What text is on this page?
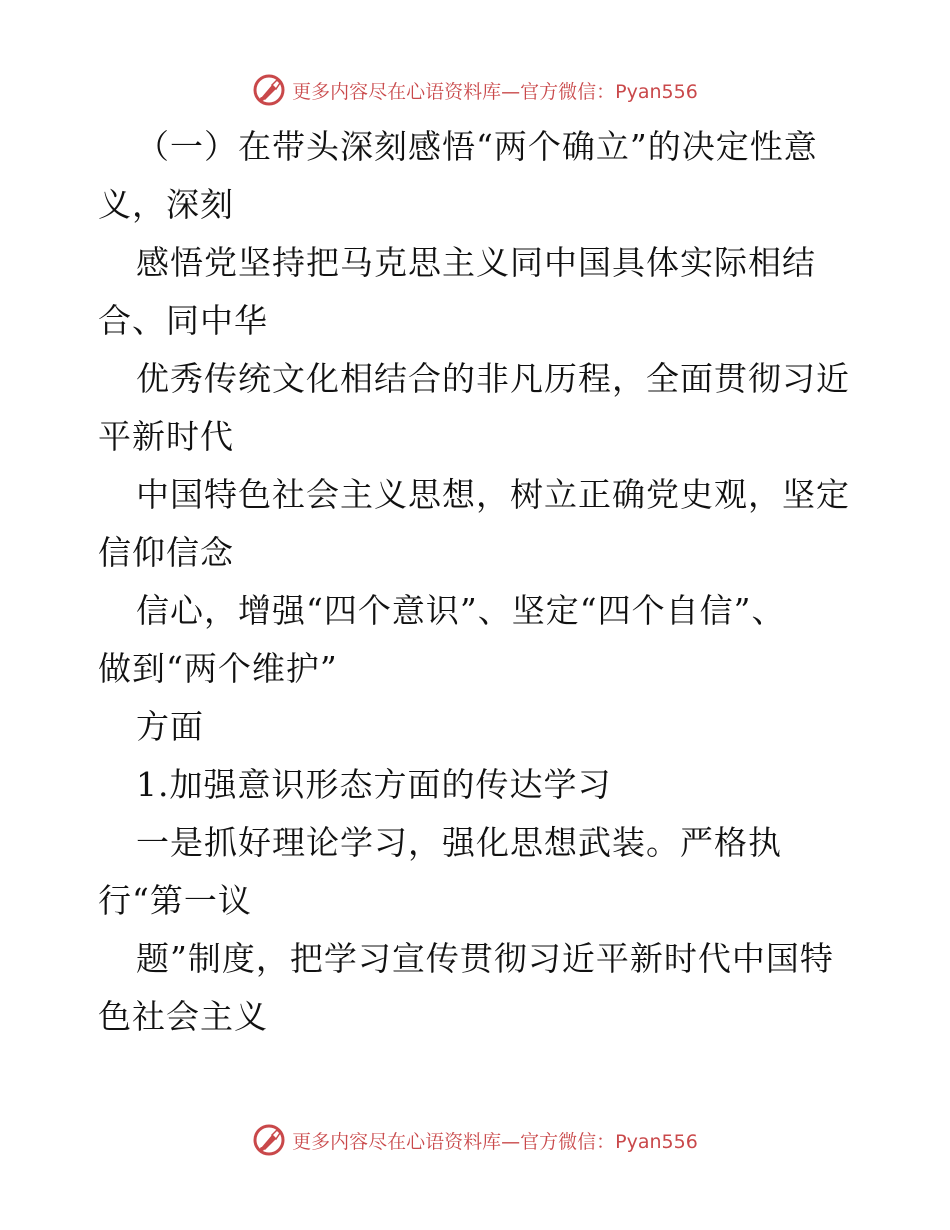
更多内容尽在心语资料库—官方微信：Pyan556
（一）在带头深刻感悟“两个确立”的决定性意
义，深刻
感悟党坚持把马克思主义同中国具体实际相结
合、同中华
优秀传统文化相结合的非凡历程，全面贯彻习近
平新时代
中国特色社会主义思想，树立正确党史观，坚定
信仰信念
信心，增强“四个意识”、坚定“四个自信”、
做到“两个维护”
方面
1.加强意识形态方面的传达学习
一是抓好理论学习，强化思想武装。严格执
行“第一议
题”制度，把学习宣传贯彻习近平新时代中国特
色社会主义
更多内容尽在心语资料库—官方微信：Pyan556
